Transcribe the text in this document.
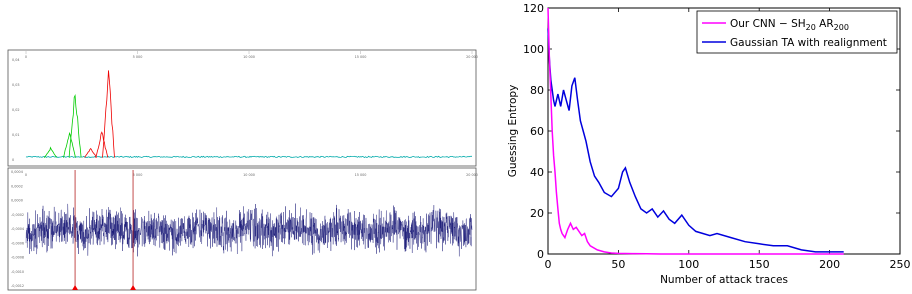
0	5 000	10 000	15 000	20 000
0
0,01
0,02
0,03
0,04
0	5 000	10 000	15 000	20 000
0,0004
0,0002
0,0000
-0,0002
-0,0004
-0,0006
-0,0008
-0,0010
-0,0012
0	50	100	150	200	250
0
20
40
60
80
100
120
Number of attack traces
Guessing Entropy
Our CNN − $SH_{20}$ $AR_{200}$
Gaussian TA with realignment
